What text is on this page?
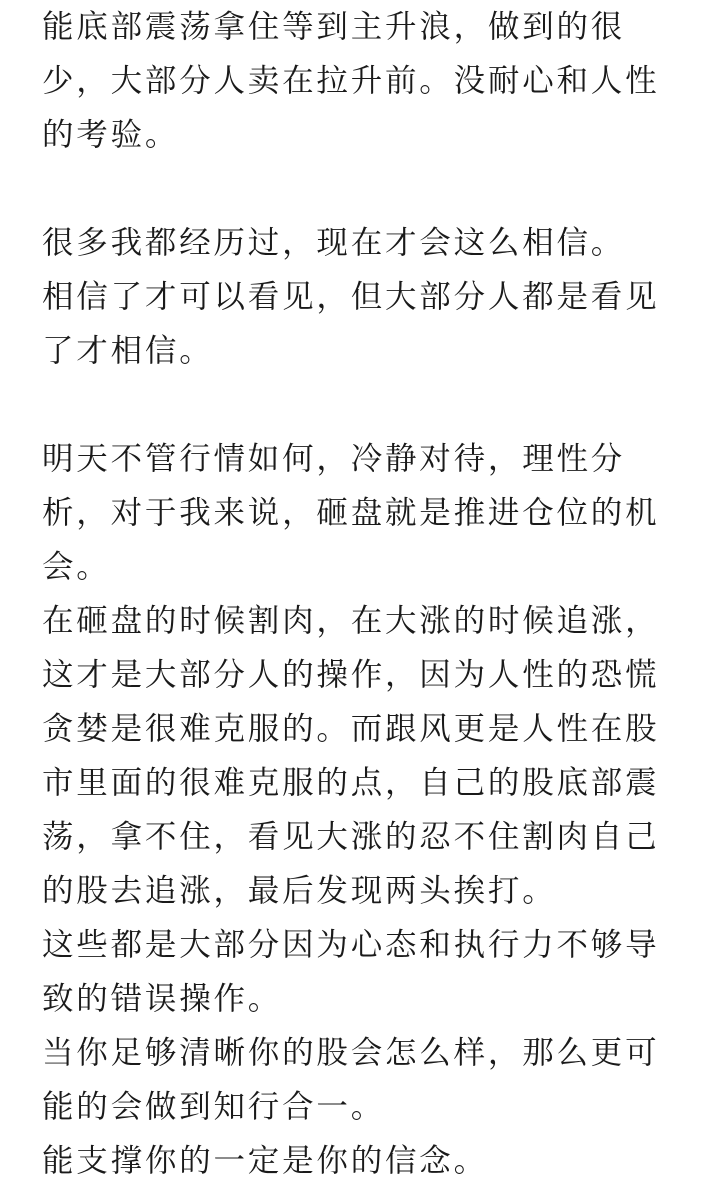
能底部震荡拿住等到主升浪，做到的很
少，大部分人卖在拉升前。没耐心和人性
的考验。
很多我都经历过，现在才会这么相信。
相信了才可以看见，但大部分人都是看见
了才相信。
明天不管行情如何，冷静对待，理性分
析，对于我来说，砸盘就是推进仓位的机
会。
在砸盘的时候割肉，在大涨的时候追涨，
这才是大部分人的操作，因为人性的恐慌
贪婪是很难克服的。而跟风更是人性在股
市里面的很难克服的点，自己的股底部震
荡，拿不住，看见大涨的忍不住割肉自己
的股去追涨，最后发现两头挨打。
这些都是大部分因为心态和执行力不够导
致的错误操作。
当你足够清晰你的股会怎么样，那么更可
能的会做到知行合一。
能支撑你的一定是你的信念。
